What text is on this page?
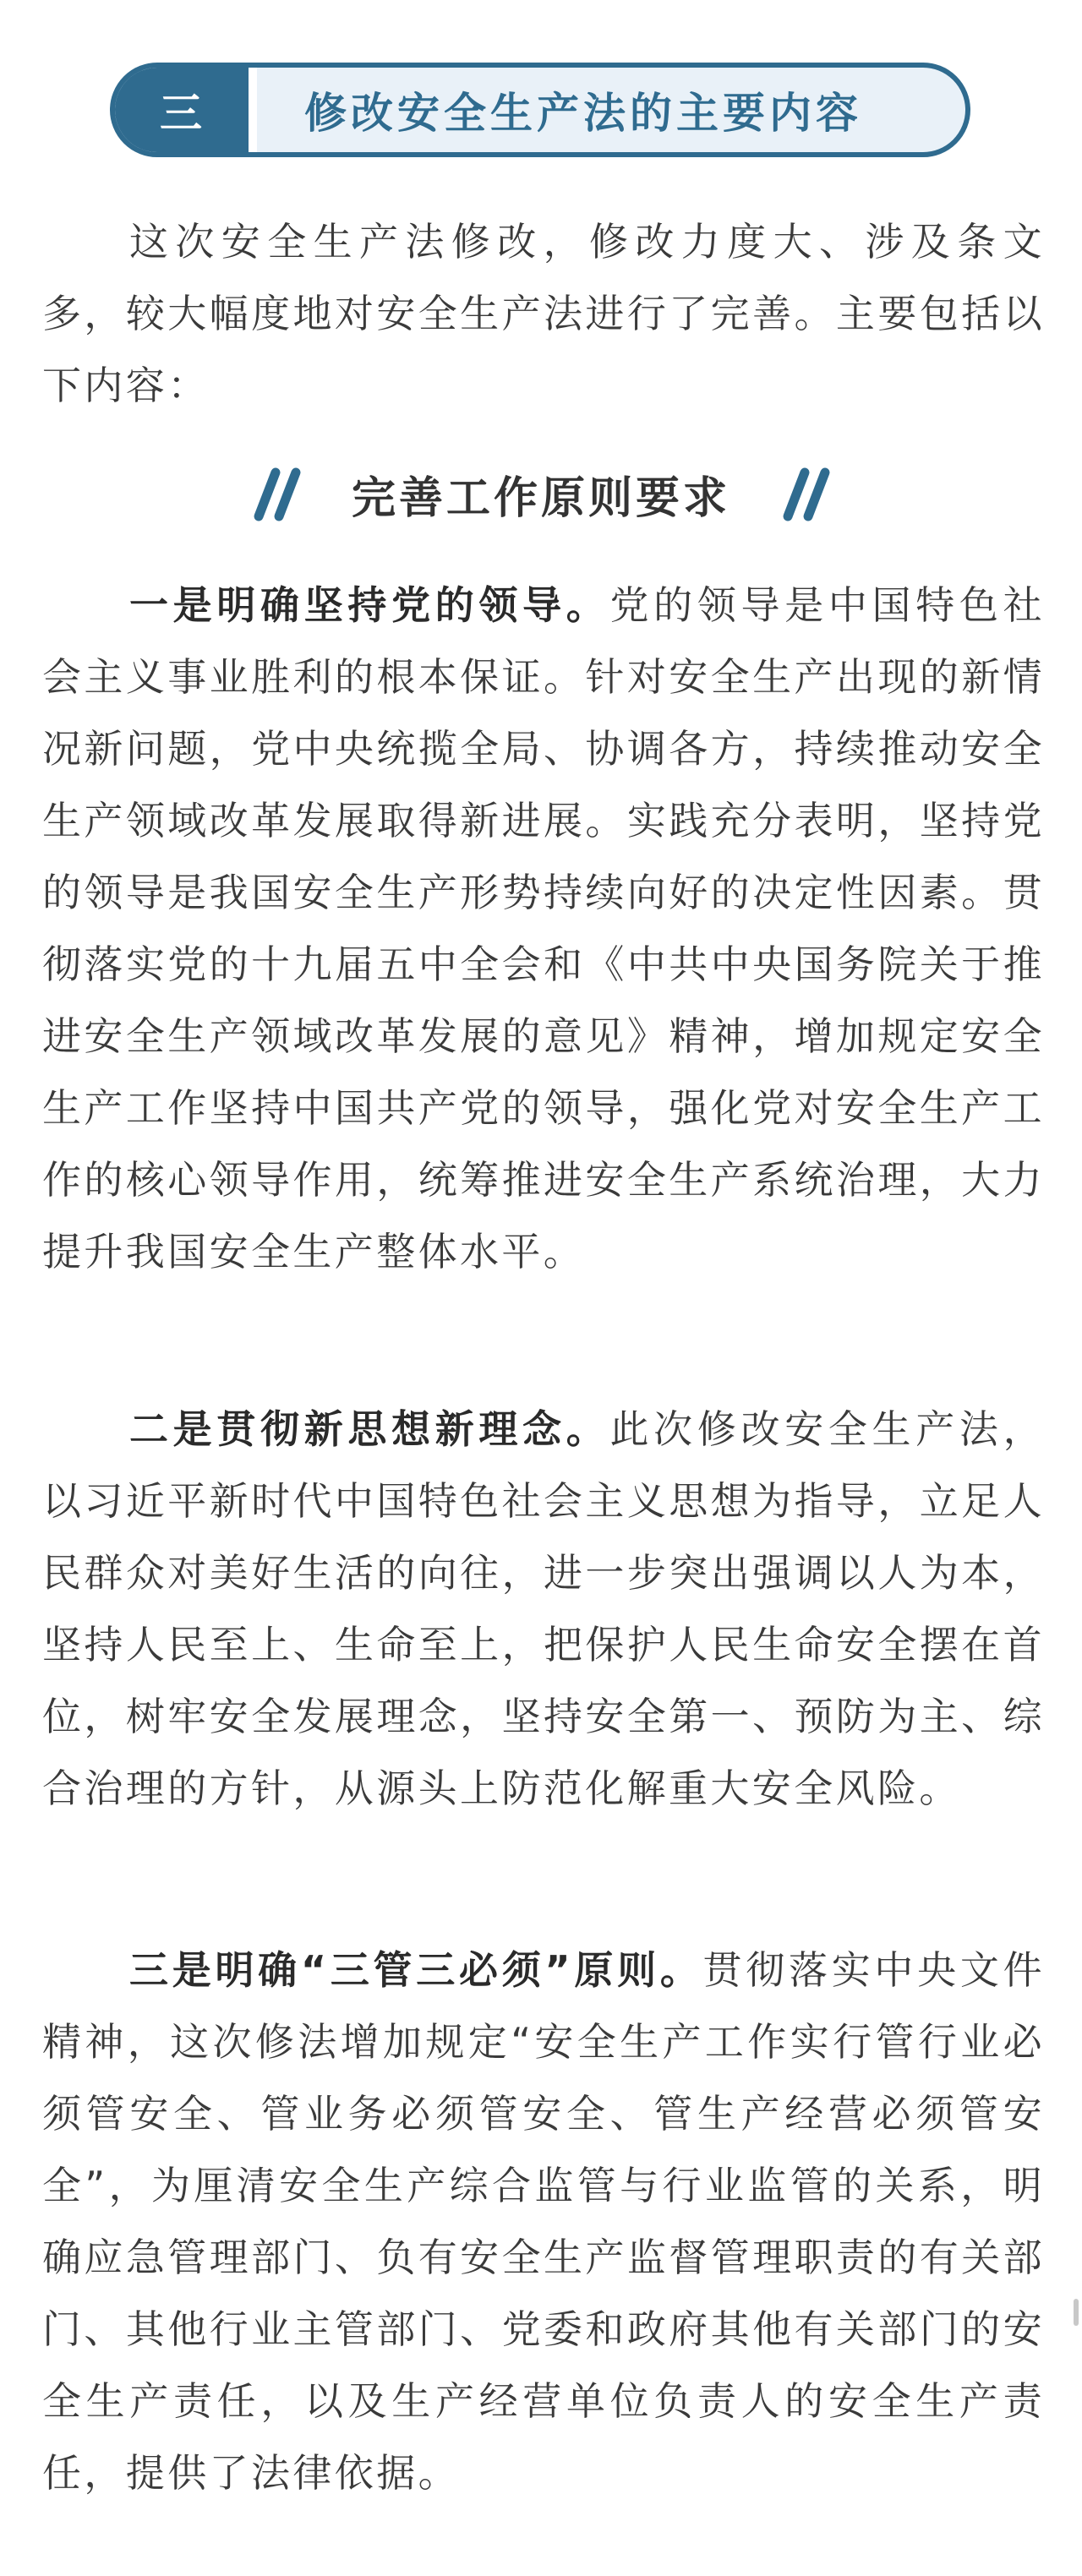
三	修改安全生产法的主要内容

这次安全生产法修改，修改力度大、涉及条文多，较大幅度地对安全生产法进行了完善。主要包括以下内容：

完善工作原则要求

一是明确坚持党的领导。党的领导是中国特色社会主义事业胜利的根本保证。针对安全生产出现的新情况新问题，党中央统揽全局、协调各方，持续推动安全生产领域改革发展取得新进展。实践充分表明，坚持党的领导是我国安全生产形势持续向好的决定性因素。贯彻落实党的十九届五中全会和《中共中央国务院关于推进安全生产领域改革发展的意见》精神，增加规定安全生产工作坚持中国共产党的领导，强化党对安全生产工作的核心领导作用，统筹推进安全生产系统治理，大力提升我国安全生产整体水平。

二是贯彻新思想新理念。此次修改安全生产法，以习近平新时代中国特色社会主义思想为指导，立足人民群众对美好生活的向往，进一步突出强调以人为本，坚持人民至上、生命至上，把保护人民生命安全摆在首位，树牢安全发展理念，坚持安全第一、预防为主、综合治理的方针，从源头上防范化解重大安全风险。

三是明确“三管三必须”原则。贯彻落实中央文件精神，这次修法增加规定“安全生产工作实行管行业必须管安全、管业务必须管安全、管生产经营必须管安全”，为厘清安全生产综合监管与行业监管的关系，明确应急管理部门、负有安全生产监督管理职责的有关部门、其他行业主管部门、党委和政府其他有关部门的安全生产责任，以及生产经营单位负责人的安全生产责任，提供了法律依据。
